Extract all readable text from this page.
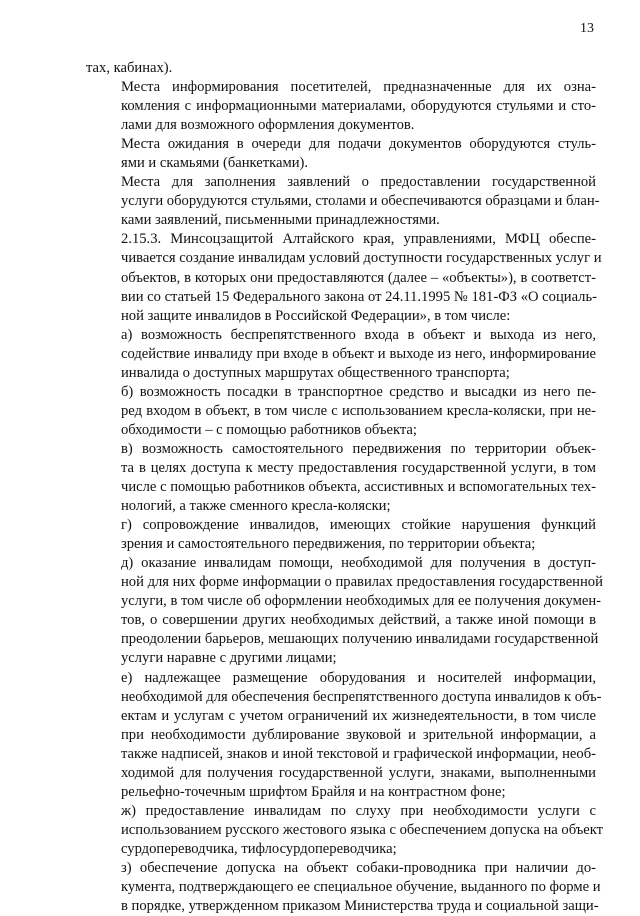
13

тах, кабинах).

Места информирования посетителей, предназначенные для их озна-
комления с информационными материалами, оборудуются стульями и сто-
лами для возможного оформления документов.

Места ожидания в очереди для подачи документов оборудуются стуль-
ями и скамьями (банкетками).

Места для заполнения заявлений о предоставлении государственной
услуги оборудуются стульями, столами и обеспечиваются образцами и блан-
ками заявлений, письменными принадлежностями.

2.15.3. Минсоцзащитой Алтайского края, управлениями, МФЦ обеспе-
чивается создание инвалидам условий доступности государственных услуг и
объектов, в которых они предоставляются (далее – «объекты»), в соответст-
вии со статьей 15 Федерального закона от 24.11.1995 № 181-ФЗ «О социаль-
ной защите инвалидов в Российской Федерации», в том числе:

а) возможность беспрепятственного входа в объект и выхода из него,
содействие инвалиду при входе в объект и выходе из него, информирование
инвалида о доступных маршрутах общественного транспорта;

б) возможность посадки в транспортное средство и высадки из него пе-
ред входом в объект, в том числе с использованием кресла-коляски, при не-
обходимости – с помощью работников объекта;

в) возможность самостоятельного передвижения по территории объек-
та в целях доступа к месту предоставления государственной услуги, в том
числе с помощью работников объекта, ассистивных и вспомогательных тех-
нологий, а также сменного кресла-коляски;

г) сопровождение инвалидов, имеющих стойкие нарушения функций
зрения и самостоятельного передвижения, по территории объекта;

д) оказание инвалидам помощи, необходимой для получения в доступ-
ной для них форме информации о правилах предоставления государственной
услуги, в том числе об оформлении необходимых для ее получения докумен-
тов, о совершении других необходимых действий, а также иной помощи в
преодолении барьеров, мешающих получению инвалидами государственной
услуги наравне с другими лицами;

е) надлежащее размещение оборудования и носителей информации,
необходимой для обеспечения беспрепятственного доступа инвалидов к объ-
ектам и услугам с учетом ограничений их жизнедеятельности, в том числе
при необходимости дублирование звуковой и зрительной информации, а
также надписей, знаков и иной текстовой и графической информации, необ-
ходимой для получения государственной услуги, знаками, выполненными
рельефно-точечным шрифтом Брайля и на контрастном фоне;

ж) предоставление инвалидам по слуху при необходимости услуги с
использованием русского жестового языка с обеспечением допуска на объект
сурдопереводчика, тифлосурдопереводчика;

з) обеспечение допуска на объект собаки-проводника при наличии до-
кумента, подтверждающего ее специальное обучение, выданного по форме и
в порядке, утвержденном приказом Министерства труда и социальной защи-
